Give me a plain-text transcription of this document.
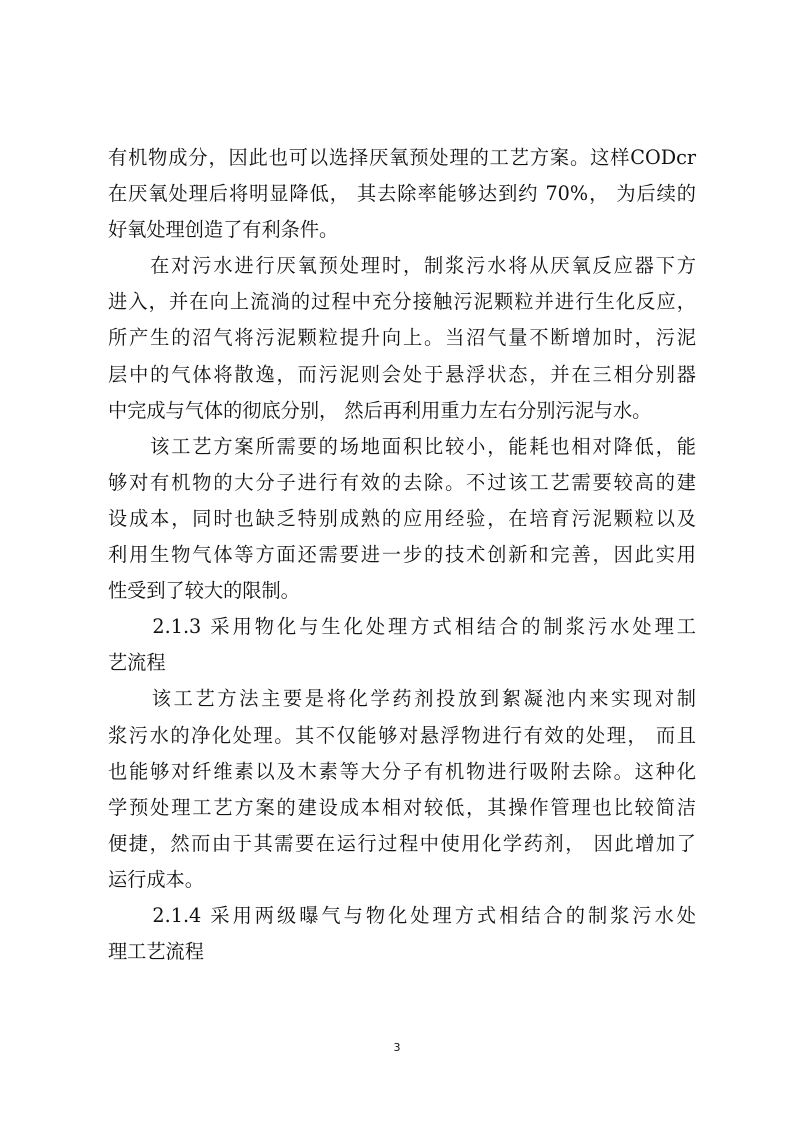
有机物成分，因此也可以选择厌氧预处理的工艺方案。这样CODcr
在厌氧处理后将明显降低， 其去除率能够达到约 70%， 为后续的
好氧处理创造了有利条件。
　　在对污水进行厌氧预处理时，制浆污水将从厌氧反应器下方
进入，并在向上流淌的过程中充分接触污泥颗粒并进行生化反应，
所产生的沼气将污泥颗粒提升向上。当沼气量不断增加时，污泥
层中的气体将散逸，而污泥则会处于悬浮状态，并在三相分别器
中完成与气体的彻底分别， 然后再利用重力左右分别污泥与水。
　　该工艺方案所需要的场地面积比较小，能耗也相对降低，能
够对有机物的大分子进行有效的去除。不过该工艺需要较高的建
设成本，同时也缺乏特别成熟的应用经验，在培育污泥颗粒以及
利用生物气体等方面还需要进一步的技术创新和完善，因此实用
性受到了较大的限制。
　　2.1.3 采用物化与生化处理方式相结合的制浆污水处理工
艺流程
　　该工艺方法主要是将化学药剂投放到絮凝池内来实现对制
浆污水的净化处理。其不仅能够对悬浮物进行有效的处理， 而且
也能够对纤维素以及木素等大分子有机物进行吸附去除。这种化
学预处理工艺方案的建设成本相对较低，其操作管理也比较简洁
便捷，然而由于其需要在运行过程中使用化学药剂， 因此增加了
运行成本。
　　2.1.4 采用两级曝气与物化处理方式相结合的制浆污水处
理工艺流程
3
